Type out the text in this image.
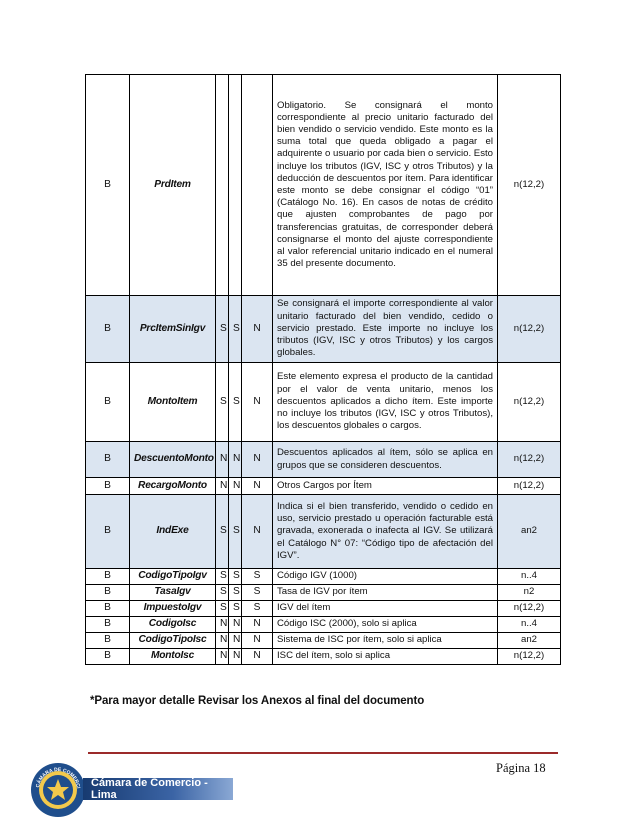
B	PrdItem				Obligatorio. Se consignará el monto correspondiente al precio unitario facturado del bien vendido o servicio vendido. Este monto es la suma total que queda obligado a pagar el adquirente o usuario por cada bien o servicio. Esto incluye los tributos (IGV, ISC y otros Tributos) y la deducción de descuentos por ítem. Para identificar este monto se debe consignar el código “01” (Catálogo No. 16). En casos de notas de crédito que ajusten comprobantes de pago por transferencias gratuitas, de corresponder deberá consignarse el monto del ajuste correspondiente al valor referencial unitario indicado en el numeral 35 del presente documento.	n(12,2)
B	PrcItemSinIgv	S	S	N	Se consignará el importe correspondiente al valor unitario facturado del bien vendido, cedido o servicio prestado. Este importe no incluye los tributos (IGV, ISC y otros Tributos) y los cargos globales.	n(12,2)
B	MontoItem	S	S	N	Este elemento expresa el producto de la cantidad por el valor de venta unitario, menos los descuentos aplicados a dicho ítem. Este importe no incluye los tributos (IGV, ISC y otros Tributos), los descuentos globales o cargos.	n(12,2)
B	DescuentoMonto	N	N	N	Descuentos aplicados al ítem, sólo se aplica en grupos que se consideren descuentos.	n(12,2)
B	RecargoMonto	N	N	N	Otros Cargos por Ítem	n(12,2)
B	IndExe	S	S	N	Indica si el bien transferido, vendido o cedido en uso, servicio prestado u operación facturable está gravada, exonerada o inafecta al IGV. Se utilizará el Catálogo N° 07: “Código tipo de afectación del IGV”.	an2
B	CodigoTipoIgv	S	S	S	Código IGV (1000)	n..4
B	TasaIgv	S	S	S	Tasa de IGV por ítem	n2
B	ImpuestoIgv	S	S	S	IGV del ítem	n(12,2)
B	CodigoIsc	N	N	N	Código ISC (2000), solo si aplica	n..4
B	CodigoTipoIsc	N	N	N	Sistema de ISC por ítem, solo si aplica	an2
B	MontoIsc	N	N	N	ISC del ítem, solo si aplica	n(12,2)
*Para mayor detalle Revisar los Anexos al final del documento
Página 18
CÁMARA DE COMERCI Cámara de Comercio - Lima
